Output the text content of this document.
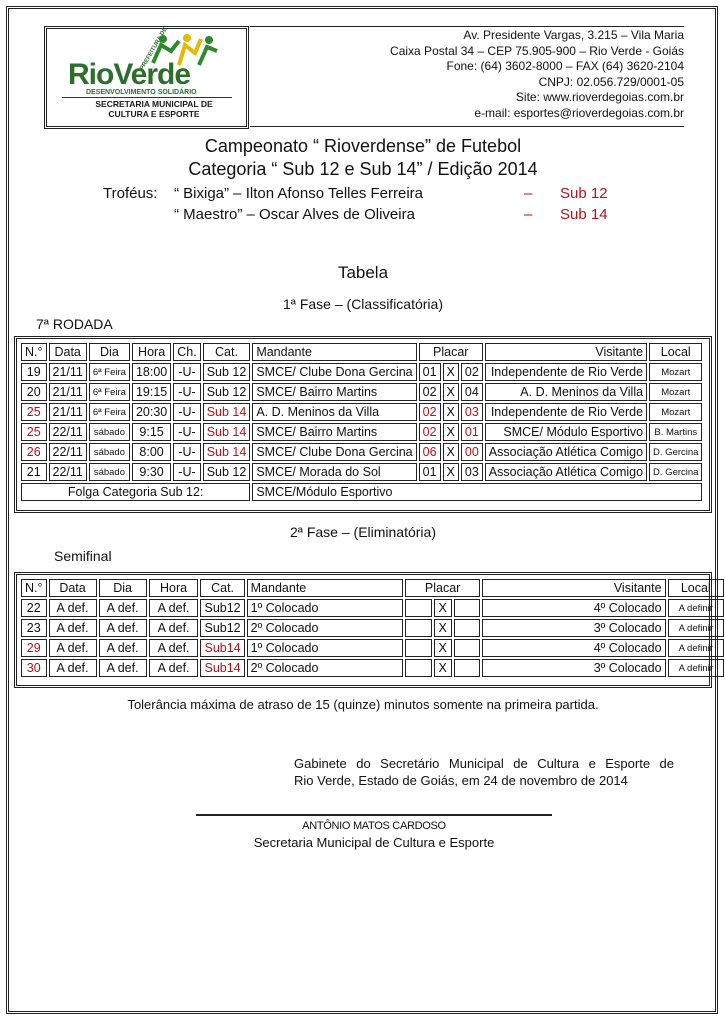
PREFEITURA DE
RioVerde
DESENVOLVIMENTO SOLIDÁRIO
SECRETARIA MUNICIPAL DE CULTURA E ESPORTE
Av. Presidente Vargas, 3.215 – Vila Maria
Caixa Postal 34 – CEP 75.905-900 – Rio Verde - Goiás
Fone: (64) 3602-8000 – FAX (64) 3620-2104
CNPJ: 02.056.729/0001-05
Site: www.rioverdegoias.com.br
e-mail: esportes@rioverdegoias.com.br
Campeonato “ Rioverdense” de Futebol
Categoria “ Sub 12 e Sub 14” / Edição 2014
Troféus: “ Bixiga” – Ilton Afonso Telles Ferreira	– Sub 12
“ Maestro” – Oscar Alves de Oliveira	– Sub 14
Tabela
1ª Fase – (Classificatória)
7ª RODADA
N.°	Data	Dia	Hora	Ch.	Cat.	Mandante	Placar			Visitante	Local
19	21/11	6ª Feira	18:00	-U-	Sub 12	SMCE/ Clube Dona Gercina	01	X	02	Independente de Rio Verde	Mozart
20	21/11	6ª Feira	19:15	-U-	Sub 12	SMCE/ Bairro Martins	02	X	04	A. D. Meninos da Villa	Mozart
25	21/11	6ª Feira	20:30	-U-	Sub 14	A. D. Meninos da Villa	02	X	03	Independente de Rio Verde	Mozart
25	22/11	sábado	9:15	-U-	Sub 14	SMCE/ Bairro Martins	02	X	01	SMCE/ Módulo Esportivo	B. Martins
26	22/11	sábado	8:00	-U-	Sub 14	SMCE/ Clube Dona Gercina	06	X	00	Associação Atlética Comigo	D. Gercina
21	22/11	sábado	9:30	-U-	Sub 12	SMCE/ Morada do Sol	01	X	03	Associação Atlética Comigo	D. Gercina
Folga Categoria Sub 12:						SMCE/Módulo Esportivo					
2ª Fase – (Eliminatória)
Semifinal
N.°	Data	Dia	Hora	Cat.	Mandante	Placar			Visitante	Local
22	A def.	A def.	A def.	Sub12	1º Colocado		X		4º Colocado	A definir
23	A def.	A def.	A def.	Sub12	2º Colocado		X		3º Colocado	A definir
29	A def.	A def.	A def.	Sub14	1º Colocado		X		4º Colocado	A definir
30	A def.	A def.	A def.	Sub14	2º Colocado		X		3º Colocado	A definir
Tolerância máxima de atraso de 15 (quinze) minutos somente na primeira partida.
Gabinete do Secretário Municipal de Cultura e Esporte de
Rio Verde, Estado de Goiás, em 24 de novembro de 2014
ANTÔNIO MATOS CARDOSO
Secretaria Municipal de Cultura e Esporte
